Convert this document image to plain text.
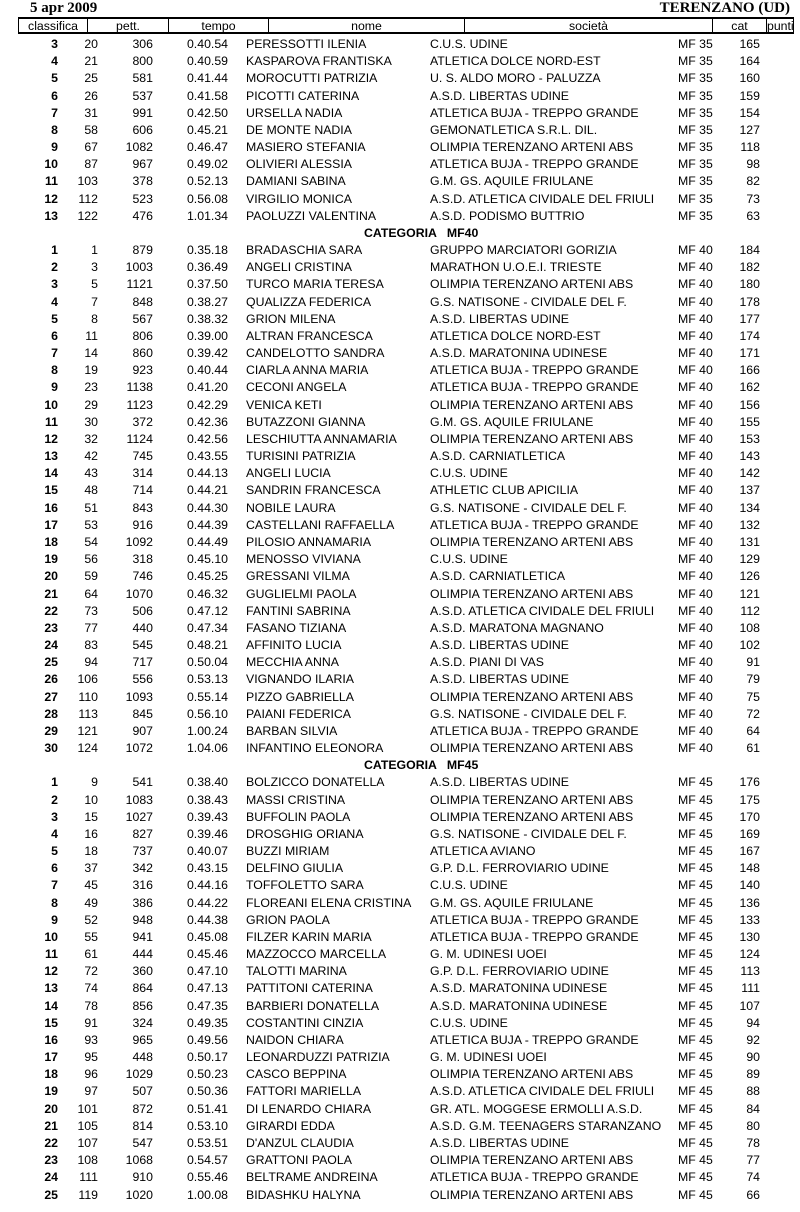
5 apr 2009	TERENZANO (UD)
classifica	pett.	tempo	nome	società	cat	punti
3	20	306	0.40.54	PERESSOTTI ILENIA	C.U.S. UDINE	MF 35	165
4	21	800	0.40.59	KASPAROVA FRANTISKA	ATLETICA DOLCE NORD-EST	MF 35	164
5	25	581	0.41.44	MOROCUTTI PATRIZIA	U. S. ALDO MORO - PALUZZA	MF 35	160
6	26	537	0.41.58	PICOTTI CATERINA	A.S.D. LIBERTAS UDINE	MF 35	159
7	31	991	0.42.50	URSELLA NADIA	ATLETICA BUJA - TREPPO GRANDE	MF 35	154
8	58	606	0.45.21	DE MONTE NADIA	GEMONATLETICA S.R.L. DIL.	MF 35	127
9	67	1082	0.46.47	MASIERO STEFANIA	OLIMPIA TERENZANO ARTENI ABS	MF 35	118
10	87	967	0.49.02	OLIVIERI ALESSIA	ATLETICA BUJA - TREPPO GRANDE	MF 35	98
11	103	378	0.52.13	DAMIANI SABINA	G.M. GS. AQUILE FRIULANE	MF 35	82
12	112	523	0.56.08	VIRGILIO MONICA	A.S.D. ATLETICA CIVIDALE DEL FRIULI	MF 35	73
13	122	476	1.01.34	PAOLUZZI VALENTINA	A.S.D. PODISMO BUTTRIO	MF 35	63
CATEGORIA MF40
1	1	879	0.35.18	BRADASCHIA SARA	GRUPPO MARCIATORI GORIZIA	MF 40	184
2	3	1003	0.36.49	ANGELI CRISTINA	MARATHON U.O.E.I. TRIESTE	MF 40	182
3	5	1121	0.37.50	TURCO MARIA TERESA	OLIMPIA TERENZANO ARTENI ABS	MF 40	180
4	7	848	0.38.27	QUALIZZA FEDERICA	G.S. NATISONE - CIVIDALE DEL F.	MF 40	178
5	8	567	0.38.32	GRION MILENA	A.S.D. LIBERTAS UDINE	MF 40	177
6	11	806	0.39.00	ALTRAN FRANCESCA	ATLETICA DOLCE NORD-EST	MF 40	174
7	14	860	0.39.42	CANDELOTTO SANDRA	A.S.D. MARATONINA UDINESE	MF 40	171
8	19	923	0.40.44	CIARLA ANNA MARIA	ATLETICA BUJA - TREPPO GRANDE	MF 40	166
9	23	1138	0.41.20	CECONI ANGELA	ATLETICA BUJA - TREPPO GRANDE	MF 40	162
10	29	1123	0.42.29	VENICA KETI	OLIMPIA TERENZANO ARTENI ABS	MF 40	156
11	30	372	0.42.36	BUTAZZONI GIANNA	G.M. GS. AQUILE FRIULANE	MF 40	155
12	32	1124	0.42.56	LESCHIUTTA ANNAMARIA	OLIMPIA TERENZANO ARTENI ABS	MF 40	153
13	42	745	0.43.55	TURISINI PATRIZIA	A.S.D. CARNIATLETICA	MF 40	143
14	43	314	0.44.13	ANGELI LUCIA	C.U.S. UDINE	MF 40	142
15	48	714	0.44.21	SANDRIN FRANCESCA	ATHLETIC CLUB APICILIA	MF 40	137
16	51	843	0.44.30	NOBILE LAURA	G.S. NATISONE - CIVIDALE DEL F.	MF 40	134
17	53	916	0.44.39	CASTELLANI RAFFAELLA	ATLETICA BUJA - TREPPO GRANDE	MF 40	132
18	54	1092	0.44.49	PILOSIO ANNAMARIA	OLIMPIA TERENZANO ARTENI ABS	MF 40	131
19	56	318	0.45.10	MENOSSO VIVIANA	C.U.S. UDINE	MF 40	129
20	59	746	0.45.25	GRESSANI VILMA	A.S.D. CARNIATLETICA	MF 40	126
21	64	1070	0.46.32	GUGLIELMI PAOLA	OLIMPIA TERENZANO ARTENI ABS	MF 40	121
22	73	506	0.47.12	FANTINI SABRINA	A.S.D. ATLETICA CIVIDALE DEL FRIULI	MF 40	112
23	77	440	0.47.34	FASANO TIZIANA	A.S.D. MARATONA MAGNANO	MF 40	108
24	83	545	0.48.21	AFFINITO LUCIA	A.S.D. LIBERTAS UDINE	MF 40	102
25	94	717	0.50.04	MECCHIA ANNA	A.S.D. PIANI DI VAS	MF 40	91
26	106	556	0.53.13	VIGNANDO ILARIA	A.S.D. LIBERTAS UDINE	MF 40	79
27	110	1093	0.55.14	PIZZO GABRIELLA	OLIMPIA TERENZANO ARTENI ABS	MF 40	75
28	113	845	0.56.10	PAIANI FEDERICA	G.S. NATISONE - CIVIDALE DEL F.	MF 40	72
29	121	907	1.00.24	BARBAN SILVIA	ATLETICA BUJA - TREPPO GRANDE	MF 40	64
30	124	1072	1.04.06	INFANTINO ELEONORA	OLIMPIA TERENZANO ARTENI ABS	MF 40	61
CATEGORIA MF45
1	9	541	0.38.40	BOLZICCO DONATELLA	A.S.D. LIBERTAS UDINE	MF 45	176
2	10	1083	0.38.43	MASSI CRISTINA	OLIMPIA TERENZANO ARTENI ABS	MF 45	175
3	15	1027	0.39.43	BUFFOLIN PAOLA	OLIMPIA TERENZANO ARTENI ABS	MF 45	170
4	16	827	0.39.46	DROSGHIG ORIANA	G.S. NATISONE - CIVIDALE DEL F.	MF 45	169
5	18	737	0.40.07	BUZZI MIRIAM	ATLETICA AVIANO	MF 45	167
6	37	342	0.43.15	DELFINO GIULIA	G.P. D.L. FERROVIARIO UDINE	MF 45	148
7	45	316	0.44.16	TOFFOLETTO SARA	C.U.S. UDINE	MF 45	140
8	49	386	0.44.22	FLOREANI ELENA CRISTINA	G.M. GS. AQUILE FRIULANE	MF 45	136
9	52	948	0.44.38	GRION PAOLA	ATLETICA BUJA - TREPPO GRANDE	MF 45	133
10	55	941	0.45.08	FILZER KARIN MARIA	ATLETICA BUJA - TREPPO GRANDE	MF 45	130
11	61	444	0.45.46	MAZZOCCO MARCELLA	G. M. UDINESI UOEI	MF 45	124
12	72	360	0.47.10	TALOTTI MARINA	G.P. D.L. FERROVIARIO UDINE	MF 45	113
13	74	864	0.47.13	PATTITONI CATERINA	A.S.D. MARATONINA UDINESE	MF 45	111
14	78	856	0.47.35	BARBIERI DONATELLA	A.S.D. MARATONINA UDINESE	MF 45	107
15	91	324	0.49.35	COSTANTINI CINZIA	C.U.S. UDINE	MF 45	94
16	93	965	0.49.56	NAIDON CHIARA	ATLETICA BUJA - TREPPO GRANDE	MF 45	92
17	95	448	0.50.17	LEONARDUZZI PATRIZIA	G. M. UDINESI UOEI	MF 45	90
18	96	1029	0.50.23	CASCO BEPPINA	OLIMPIA TERENZANO ARTENI ABS	MF 45	89
19	97	507	0.50.36	FATTORI MARIELLA	A.S.D. ATLETICA CIVIDALE DEL FRIULI	MF 45	88
20	101	872	0.51.41	DI LENARDO CHIARA	GR. ATL. MOGGESE ERMOLLI A.S.D.	MF 45	84
21	105	814	0.53.10	GIRARDI EDDA	A.S.D. G.M. TEENAGERS STARANZANO	MF 45	80
22	107	547	0.53.51	D'ANZUL CLAUDIA	A.S.D. LIBERTAS UDINE	MF 45	78
23	108	1068	0.54.57	GRATTONI PAOLA	OLIMPIA TERENZANO ARTENI ABS	MF 45	77
24	111	910	0.55.46	BELTRAME ANDREINA	ATLETICA BUJA - TREPPO GRANDE	MF 45	74
25	119	1020	1.00.08	BIDASHKU HALYNA	OLIMPIA TERENZANO ARTENI ABS	MF 45	66
